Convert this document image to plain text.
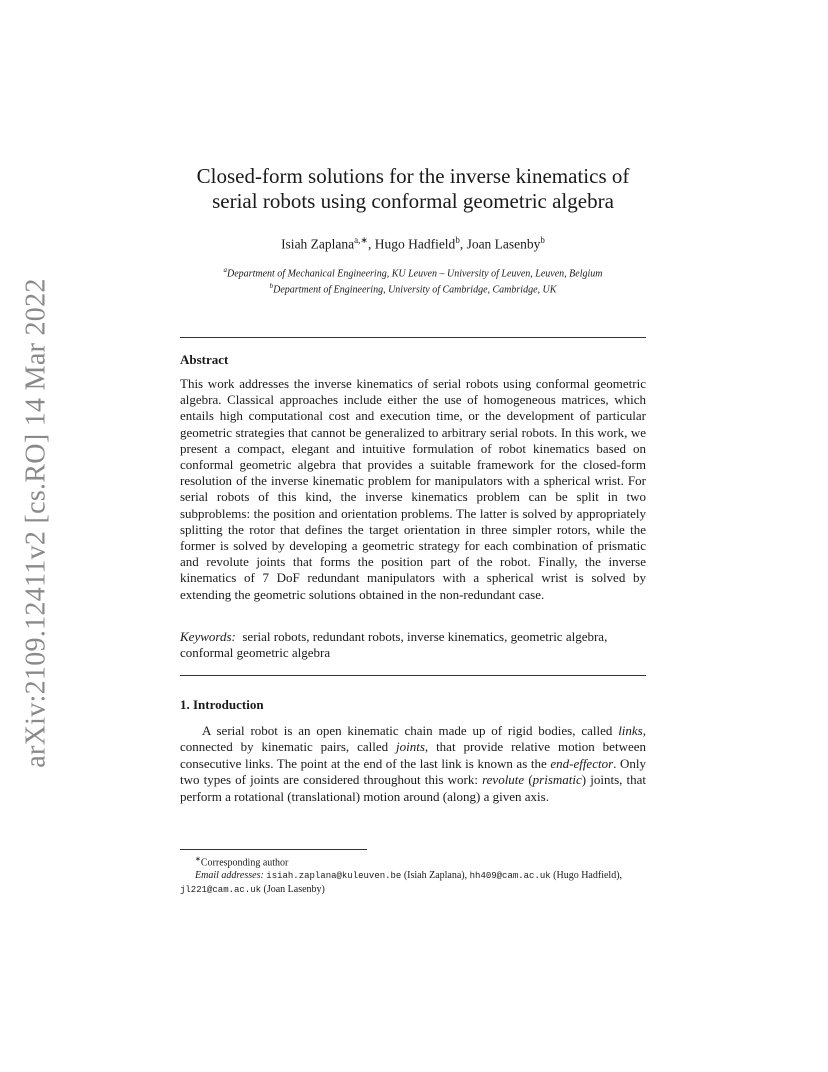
arXiv:2109.12411v2 [cs.RO] 14 Mar 2022
Closed-form solutions for the inverse kinematics of
serial robots using conformal geometric algebra
Isiah Zaplana$^{a,∗}$, Hugo Hadfield$^b$, Joan Lasenby$^b$
$^a$Department of Mechanical Engineering, KU Leuven – University of Leuven, Leuven, Belgium
$^b$Department of Engineering, University of Cambridge, Cambridge, UK
Abstract
This work addresses the inverse kinematics of serial robots using conformal geometric algebra. Classical approaches include either the use of homogeneous matrices, which entails high computational cost and execution time, or the development of particular geometric strategies that cannot be generalized to arbitrary serial robots. In this work, we present a compact, elegant and intuitive formulation of robot kinematics based on conformal geometric algebra that provides a suitable framework for the closed-form resolution of the inverse kinematic problem for manipulators with a spherical wrist. For serial robots of this kind, the inverse kinematics problem can be split in two subproblems: the position and orientation problems. The latter is solved by appropriately splitting the rotor that defines the target orientation in three simpler rotors, while the former is solved by developing a geometric strategy for each combination of prismatic and revolute joints that forms the position part of the robot. Finally, the inverse kinematics of 7 DoF redundant manipulators with a spherical wrist is solved by extending the geometric solutions obtained in the non-redundant case.
Keywords: serial robots, redundant robots, inverse kinematics, geometric algebra, conformal geometric algebra
1. Introduction
A serial robot is an open kinematic chain made up of rigid bodies, called links, connected by kinematic pairs, called joints, that provide relative motion between consecutive links. The point at the end of the last link is known as the end-effector. Only two types of joints are considered throughout this work: revolute (prismatic) joints, that perform a rotational (translational) motion around (along) a given axis.
∗Corresponding author
Email addresses: isiah.zaplana@kuleuven.be (Isiah Zaplana), hh409@cam.ac.uk (Hugo Hadfield), jl221@cam.ac.uk (Joan Lasenby)
